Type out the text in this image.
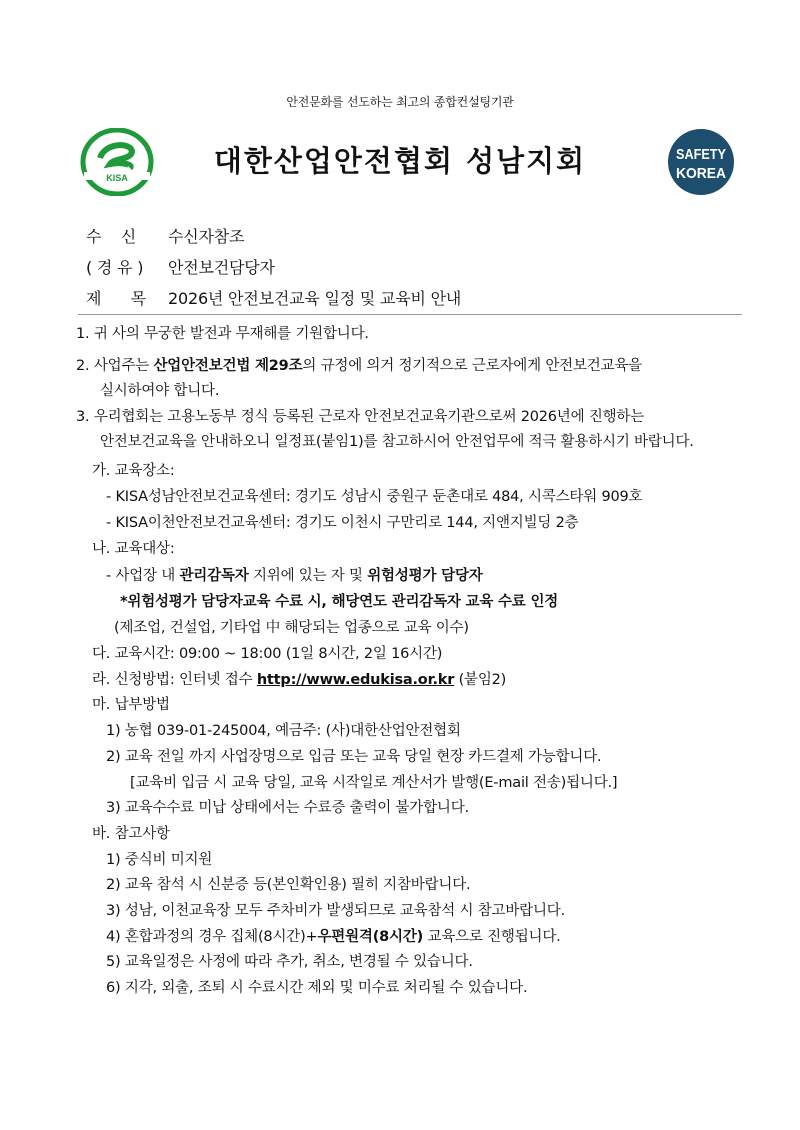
안전문화를 선도하는 최고의 종합컨설팅기관
KISA	대한산업안전협회 성남지회	SAFETY
KOREA
수    신 수신자참조
( 경 유 ) 안전보건담당자
제      목 2026년 안전보건교육 일정 및 교육비 안내
1. 귀 사의 무궁한 발전과 무재해를 기원합니다.
2. 사업주는 산업안전보건법 제29조의 규정에 의거 정기적으로 근로자에게 안전보건교육을
실시하여야 합니다.
3. 우리협회는 고용노동부 정식 등록된 근로자 안전보건교육기관으로써 2026년에 진행하는
안전보건교육을 안내하오니 일정표(붙임1)를 참고하시어 안전업무에 적극 활용하시기 바랍니다.
가. 교육장소:
- KISA성남안전보건교육센터: 경기도 성남시 중원구 둔촌대로 484, 시콕스타워 909호
- KISA이천안전보건교육센터: 경기도 이천시 구만리로 144, 지앤지빌딩 2층
나. 교육대상:
- 사업장 내 관리감독자 지위에 있는 자 및 위험성평가 담당자
*위험성평가 담당자교육 수료 시, 해당연도 관리감독자 교육 수료 인정
(제조업, 건설업, 기타업 中 해당되는 업종으로 교육 이수)
다. 교육시간: 09:00 ~ 18:00 (1일 8시간, 2일 16시간)
라. 신청방법: 인터넷 접수 http://www.edukisa.or.kr (붙임2)
마. 납부방법
1) 농협 039-01-245004, 예금주: (사)대한산업안전협회
2) 교육 전일 까지 사업장명으로 입금 또는 교육 당일 현장 카드결제 가능합니다.
[교육비 입금 시 교육 당일, 교육 시작일로 계산서가 발행(E-mail 전송)됩니다.]
3) 교육수수료 미납 상태에서는 수료증 출력이 불가합니다.
바. 참고사항
1) 중식비 미지원
2) 교육 참석 시 신분증 등(본인확인용) 필히 지참바랍니다.
3) 성남, 이천교육장 모두 주차비가 발생되므로 교육참석 시 참고바랍니다.
4) 혼합과정의 경우 집체(8시간)+우편원격(8시간) 교육으로 진행됩니다.
5) 교육일정은 사정에 따라 추가, 취소, 변경될 수 있습니다.
6) 지각, 외출, 조퇴 시 수료시간 제외 및 미수료 처리될 수 있습니다.
